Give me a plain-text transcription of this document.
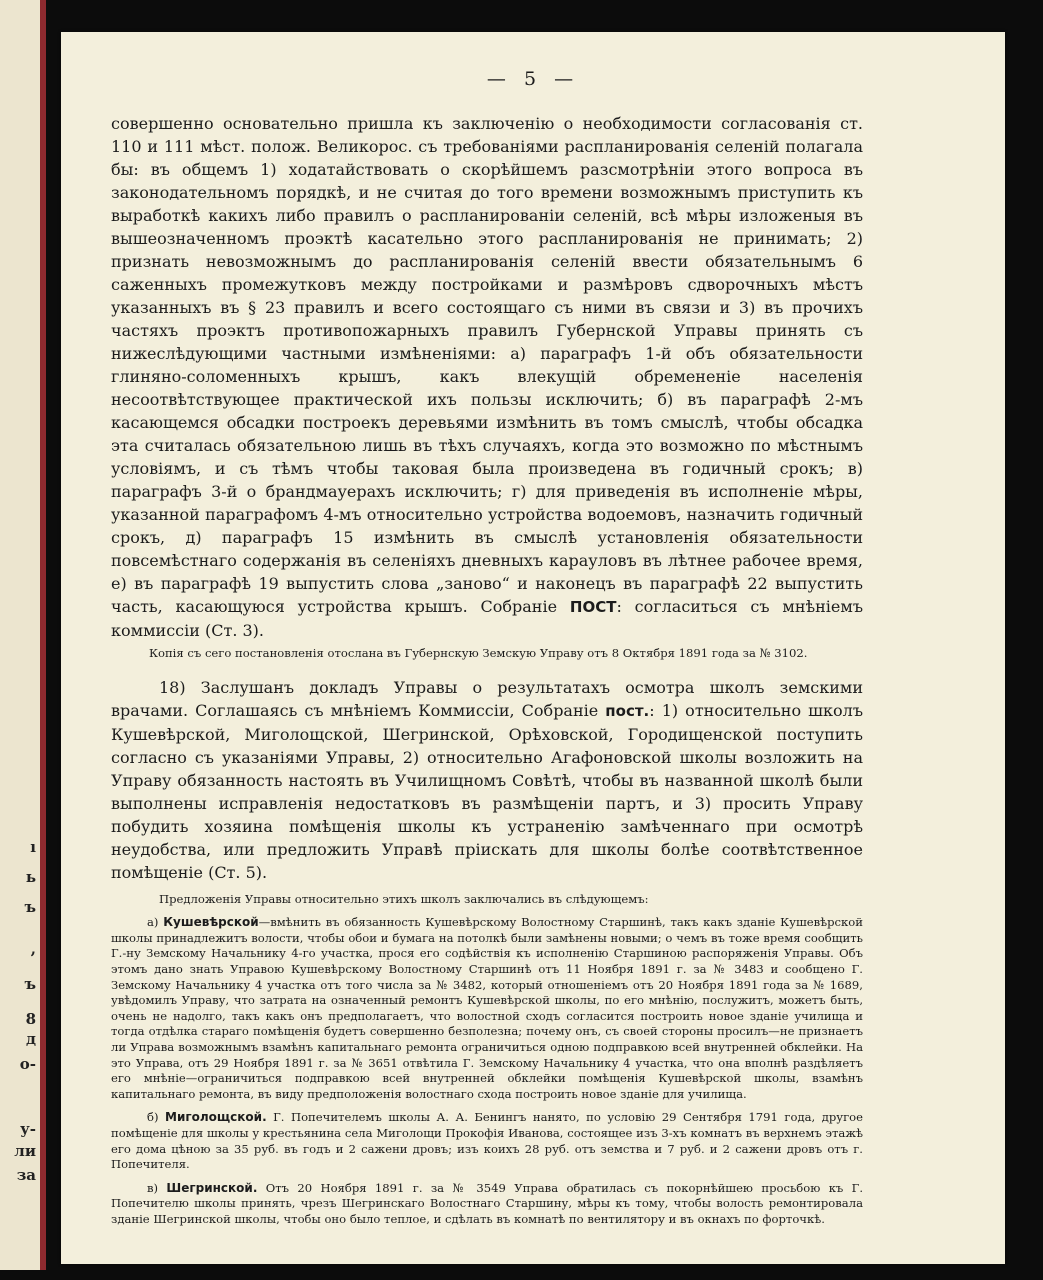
ı
ь
ъ
,
ъ
8
д
о-
у-
ли
за
— 5 —

совершенно основательно пришла къ заключенію о необходимости согласованія ст. 110 и 111 мѣст. полож. Великорос. съ требованіями распланированія селеній полагала бы: въ общемъ 1) ходатайствовать о скорѣйшемъ разсмотрѣніи этого вопроса въ законодательномъ порядкѣ, и не считая до того времени возможнымъ приступить къ выработкѣ какихъ либо правилъ о распланированіи селеній, всѣ мѣры изложеныя въ вышеозначенномъ проэктѣ касательно этого распланированія не принимать; 2) признать невозможнымъ до распланированія селеній ввести обязательнымъ 6 саженныхъ промежутковъ между постройками и размѣровъ сдворочныхъ мѣстъ указанныхъ въ § 23 правилъ и всего состоящаго съ ними въ связи и 3) въ прочихъ частяхъ проэктъ противопожарныхъ правилъ Губернской Управы принять съ нижеслѣдующими частными измѣненіями: а) параграфъ 1-й объ обязательности глиняно-соломенныхъ крышъ, какъ влекущій обремененіе населенія несоотвѣтствующее практической ихъ пользы исключить; б) въ параграфѣ 2-мъ касающемся обсадки построекъ деревьями измѣнить въ томъ смыслѣ, чтобы обсадка эта считалась обязательною лишь въ тѣхъ случаяхъ, когда это возможно по мѣстнымъ условіямъ, и съ тѣмъ чтобы таковая была произведена въ годичный срокъ; в) параграфъ 3-й о брандмауерахъ исключить; г) для приведенія въ исполненіе мѣры, указанной параграфомъ 4-мъ относительно устройства водоемовъ, назначить годичный срокъ, д) параграфъ 15 измѣнить въ смыслѣ установленія обязательности повсемѣстнаго содержанія въ селеніяхъ дневныхъ карауловъ въ лѣтнее рабочее время, е) въ параграфѣ 19 выпустить слова „заново“ и наконецъ въ параграфѣ 22 выпустить часть, касающуюся устройства крышъ. Собраніе ПОСТ: согласиться съ мнѣніемъ коммиссіи (Ст. 3).

Копія съ сего постановленія отослана въ Губернскую Земскую Управу отъ 8 Октября 1891 года за № 3102.

18) Заслушанъ докладъ Управы о результатахъ осмотра школъ земскими врачами. Соглашаясь съ мнѣніемъ Коммиссіи, Собраніе пост.: 1) относительно школъ Кушевѣрской, Миголощской, Шегринской, Орѣховской, Городищенской поступить согласно съ указаніями Управы, 2) относительно Агафоновской школы возложить на Управу обязанность настоять въ Училищномъ Совѣтѣ, чтобы въ названной школѣ были выполнены исправленія недостатковъ въ размѣщеніи партъ, и 3) просить Управу побудить хозяина помѣщенія школы къ устраненію замѣченнаго при осмотрѣ неудобства, или предложить Управѣ пріискать для школы болѣе соотвѣтственное помѣщеніе (Ст. 5).

Предложенія Управы относительно этихъ школъ заключались въ слѣдующемъ:

а) Кушевѣрской—вмѣнить въ обязанность Кушевѣрскому Волостному Старшинѣ, такъ какъ зданіе Кушевѣрской школы принадлежитъ волости, чтобы обои и бумага на потолкѣ были замѣнены новыми; о чемъ въ тоже время сообщить Г.-ну Земскому Начальнику 4-го участка, прося его содѣйствія къ исполненію Старшиною распоряженія Управы. Объ этомъ дано знать Управою Кушевѣрскому Волостному Старшинѣ отъ 11 Ноября 1891 г. за № 3483 и сообщено Г. Земскому Начальнику 4 участка отъ того числа за № 3482, который отношеніемъ отъ 20 Ноября 1891 года за № 1689, увѣдомилъ Управу, что затрата на означенный ремонтъ Кушевѣрской школы, по его мнѣнію, послужитъ, можетъ быть, очень не надолго, такъ какъ онъ предполагаетъ, что волостной сходъ согласится построить новое зданіе училища и тогда отдѣлка стараго помѣщенія будетъ совершенно безполезна; почему онъ, съ своей стороны просилъ—не признаетъ ли Управа возможнымъ взамѣнъ капитальнаго ремонта ограничиться одною подправкою всей внутренней обклейки. На это Управа, отъ 29 Ноября 1891 г. за № 3651 отвѣтила Г. Земскому Начальнику 4 участка, что она вполнѣ раздѣляетъ его мнѣніе—ограничиться подправкою всей внутренней обклейки помѣщенія Кушевѣрской школы, взамѣнъ капитальнаго ремонта, въ виду предположенія волостнаго схода построить новое зданіе для училища.

б) Миголощской. Г. Попечителемъ школы А. А. Бенингъ нанято, по условію 29 Сентября 1791 года, другое помѣщеніе для школы у крестьянина села Миголощи Прокофія Иванова, состоящее изъ 3-хъ комнатъ въ верхнемъ этажѣ его дома цѣною за 35 руб. въ годъ и 2 сажени дровъ; изъ коихъ 28 руб. отъ земства и 7 руб. и 2 сажени дровъ отъ г. Попечителя.

в) Шегринской. Отъ 20 Ноября 1891 г. за № 3549 Управа обратилась съ покорнѣйшею просьбою къ Г. Попечителю школы принять, чрезъ Шегринскаго Волостнаго Старшину, мѣры къ тому, чтобы волость ремонтировала зданіе Шегринской школы, чтобы оно было теплое, и сдѣлать въ комнатѣ по вентилятору и въ окнахъ по форточкѣ.
